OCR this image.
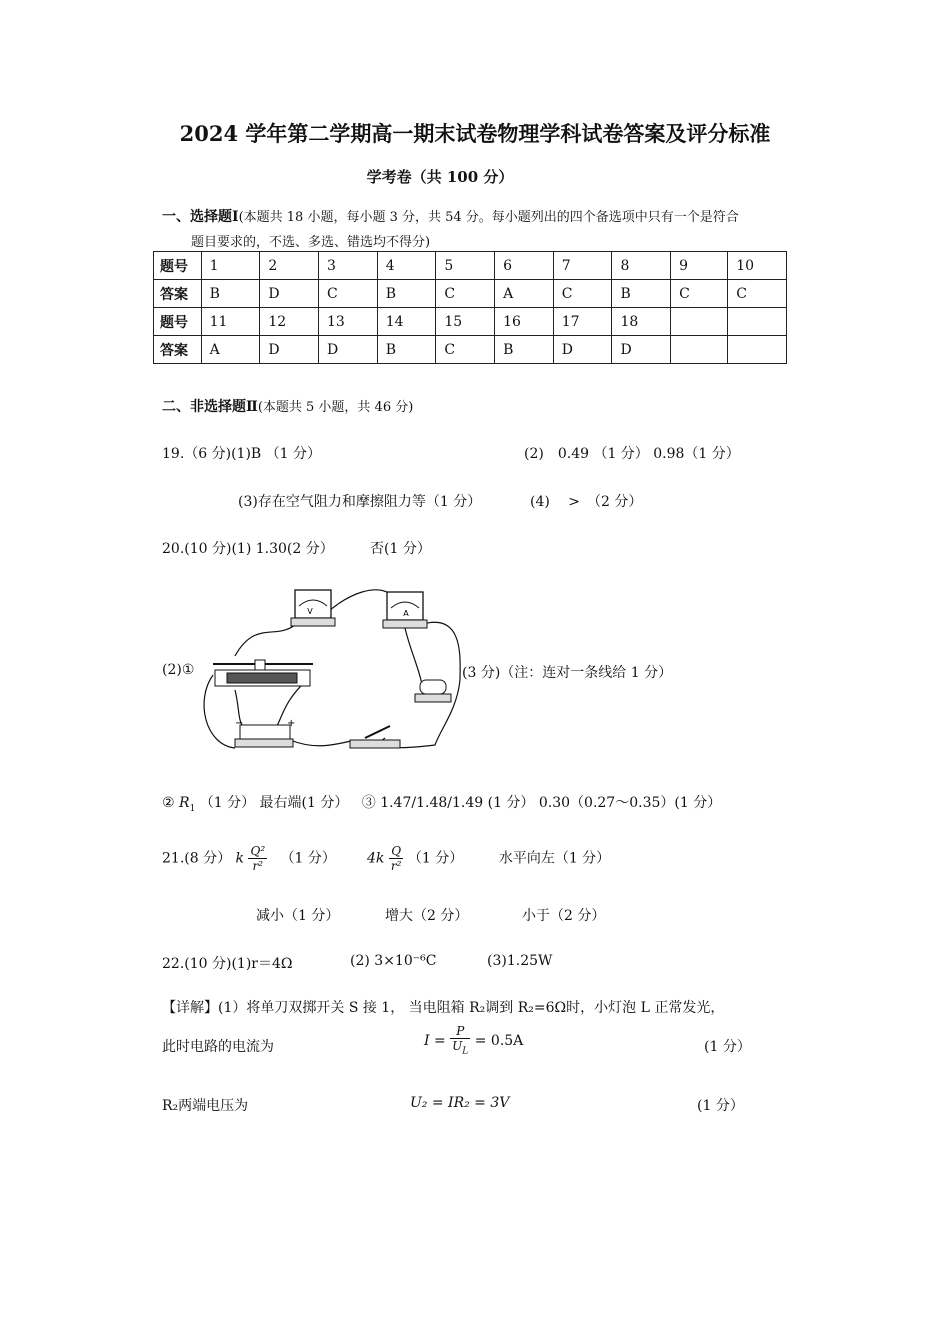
2024 学年第二学期高一期末试卷物理学科试卷答案及评分标准
学考卷（共 100 分）
一、选择题Ⅰ(本题共 18 小题，每小题 3 分，共 54 分。每小题列出的四个备选项中只有一个是符合
题目要求的，不选、多选、错选均不得分)
题号	1	2	3	4	5	6	7	8	9	10
答案	B	D	C	B	C	A	C	B	C	C
题号	11	12	13	14	15	16	17	18		
答案	A	D	D	B	C	B	D	D		
二、非选择题Ⅱ(本题共 5 小题，共 46 分)
19.（6 分)(1)B （1 分）	(2)　0.49 （1 分） 0.98（1 分）
(3)存在空气阻力和摩擦阻力等（1 分）	(4)　 >　（2 分）
20.(10 分)(1) 1.30(2 分）	否(1 分）
(2)①
V	A
−	+
(3 分)（注：连对一条线给 1 分）
② $R_1$ （1 分） 最右端(1 分） ③ 1.47/1.48/1.49 (1 分） 0.30（0.27～0.35）(1 分）
21.(8 分） k $\frac{\text{Q²}}{\text{r²}} (1$ 分） $4k \frac{Q}{\text{r²}} (1$ 分）	水平向左（1 分）
减小（1 分）	增大（2 分）	小于（2 分）
22.(10 分)(1)r＝4Ω	(2) 3×10⁻⁶C	(3)1.25W
【详解】(1）将单刀双掷开关 S 接 1， 当电阻箱 R₂调到 R₂=6Ω时，小灯泡 L 正常发光，
此时电路的电流为	$I = \frac{P}{U_L} = 0.5A$	(1 分）
R₂两端电压为	U₂ = IR₂ = 3V	(1 分）
